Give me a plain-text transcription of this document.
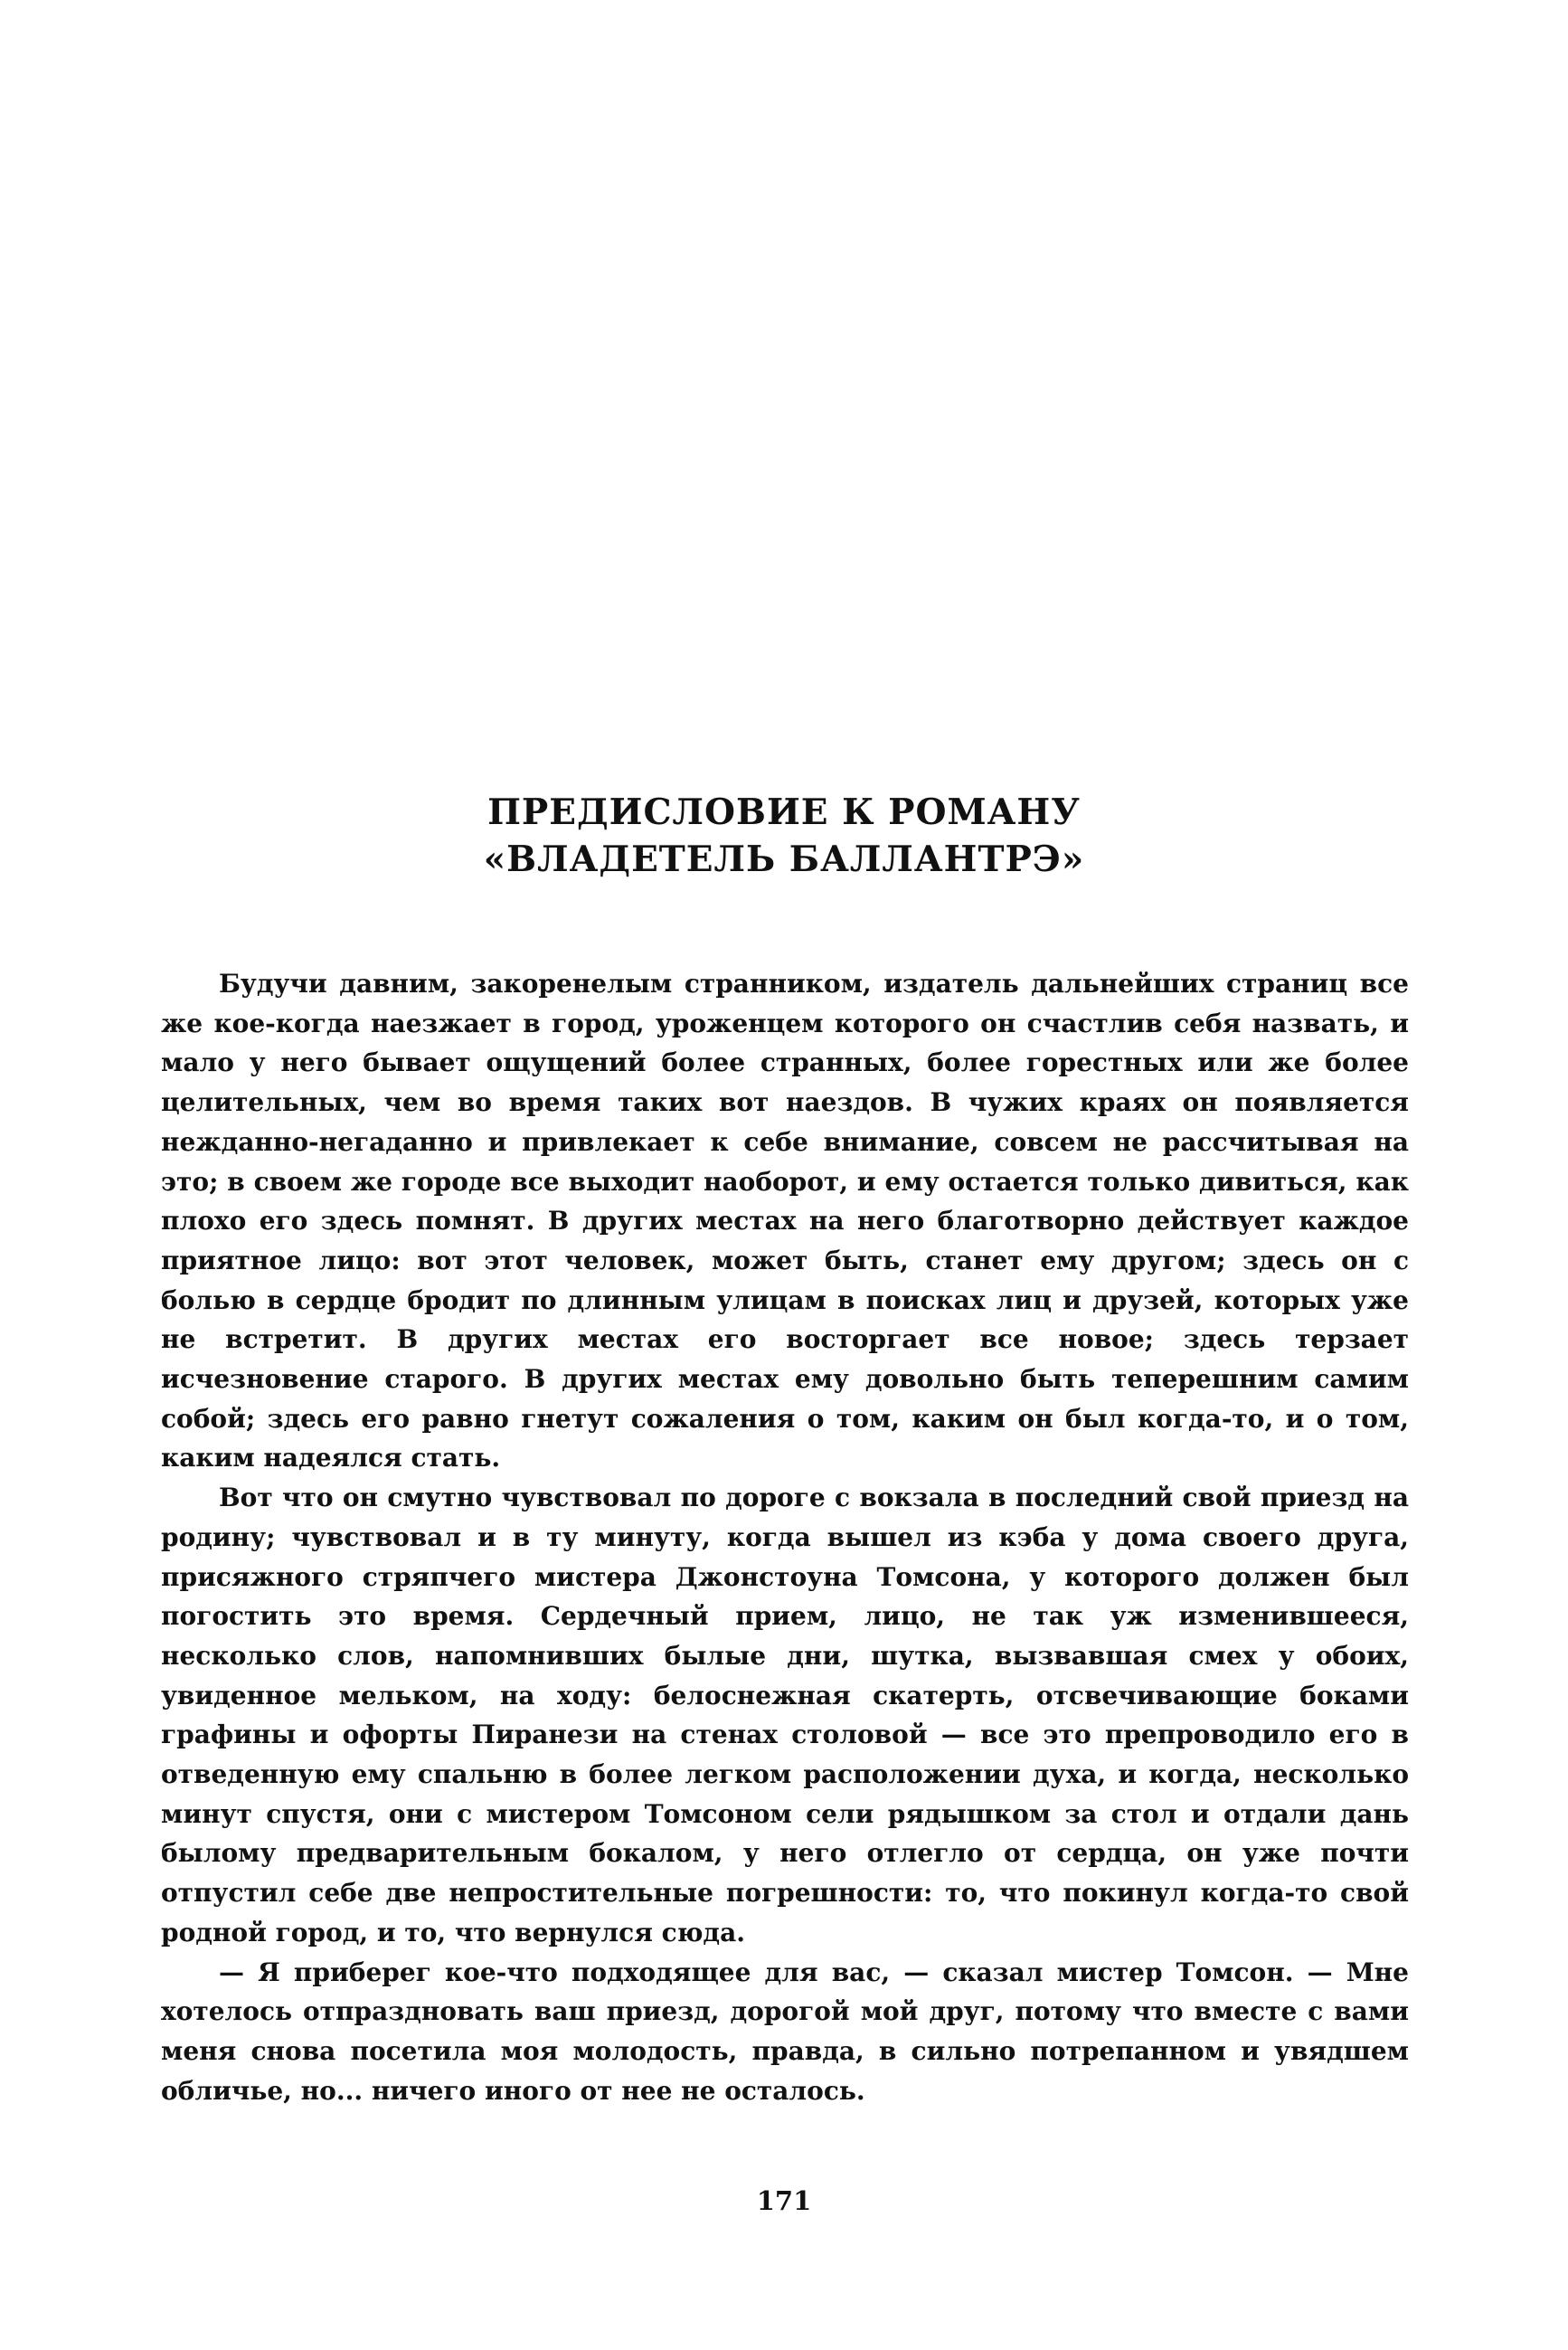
ПРЕДИСЛОВИЕ К РОМАНУ
«ВЛАДЕТЕЛЬ БАЛЛАНТРЭ»

Будучи давним, закоренелым странником, издатель дальнейших страниц все же кое-когда наезжает в город, уроженцем которого он счастлив себя назвать, и мало у него бывает ощущений более странных, более горестных или же более целительных, чем во время таких вот наездов. В чужих краях он появляется нежданно-негаданно и привлекает к себе внимание, совсем не рассчитывая на это; в своем же городе все выходит наоборот, и ему остается только дивиться, как плохо его здесь помнят. В других местах на него благотворно действует каждое приятное лицо: вот этот человек, может быть, станет ему другом; здесь он с болью в сердце бродит по длинным улицам в поисках лиц и друзей, которых уже не встретит. В других местах его восторгает все новое; здесь терзает исчезновение старого. В других местах ему довольно быть теперешним самим собой; здесь его равно гнетут сожаления о том, каким он был когда-то, и о том, каким надеялся стать.

Вот что он смутно чувствовал по дороге с вокзала в последний свой приезд на родину; чувствовал и в ту минуту, когда вышел из кэба у дома своего друга, присяжного стряпчего мистера Джонстоуна Томсона, у которого должен был погостить это время. Сердечный прием, лицо, не так уж изменившееся, несколько слов, напомнивших былые дни, шутка, вызвавшая смех у обоих, увиденное мельком, на ходу: белоснежная скатерть, отсвечивающие боками графины и офорты Пиранези на стенах столовой — все это препроводило его в отведенную ему спальню в более легком расположении духа, и когда, несколько минут спустя, они с мистером Томсоном сели рядышком за стол и отдали дань былому предварительным бокалом, у него отлегло от сердца, он уже почти отпустил себе две непростительные погрешности: то, что покинул когда-то свой родной город, и то, что вернулся сюда.

— Я приберег кое-что подходящее для вас, — сказал мистер Томсон. — Мне хотелось отпраздновать ваш приезд, дорогой мой друг, потому что вместе с вами меня снова посетила моя молодость, правда, в сильно потрепанном и увядшем обличье, но... ничего иного от нее не осталось.

171
